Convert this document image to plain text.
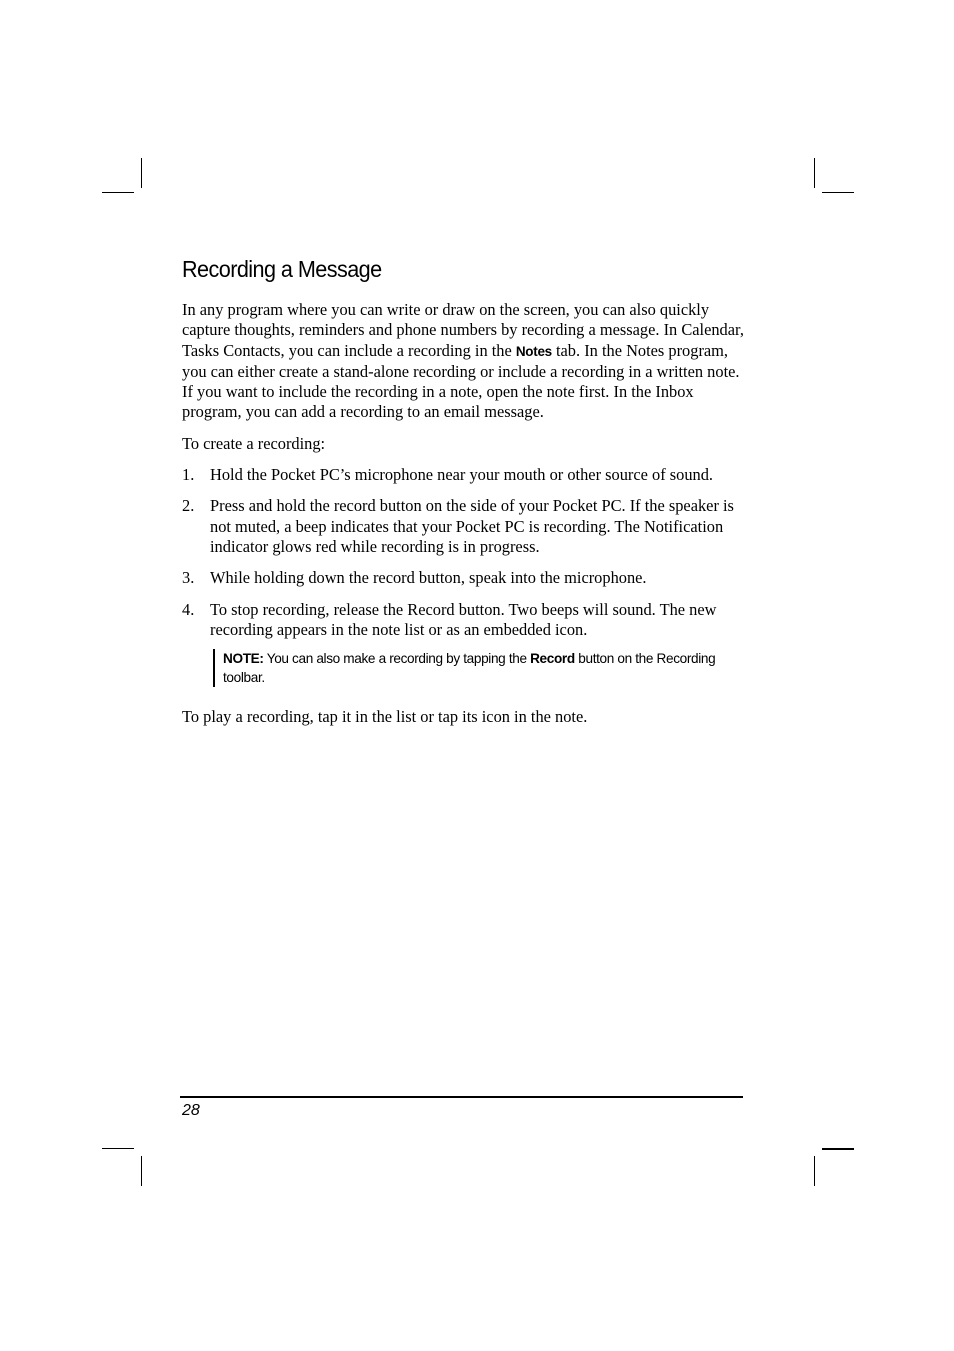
Recording a Message

In any program where you can write or draw on the screen, you can also quickly capture thoughts, reminders and phone numbers by recording a message. In Calendar, Tasks Contacts, you can include a recording in the Notes tab. In the Notes program, you can either create a stand-alone recording or include a recording in a written note. If you want to include the recording in a note, open the note first. In the Inbox program, you can add a recording to an email message.

To create a recording:

1. Hold the Pocket PC’s microphone near your mouth or other source of sound.
2. Press and hold the record button on the side of your Pocket PC. If the speaker is not muted, a beep indicates that your Pocket PC is recording. The Notification indicator glows red while recording is in progress.
3. While holding down the record button, speak into the microphone.
4. To stop recording, release the Record button. Two beeps will sound. The new recording appears in the note list or as an embedded icon.
NOTE: You can also make a recording by tapping the Record button on the Recording toolbar.

To play a recording, tap it in the list or tap its icon in the note.

28
